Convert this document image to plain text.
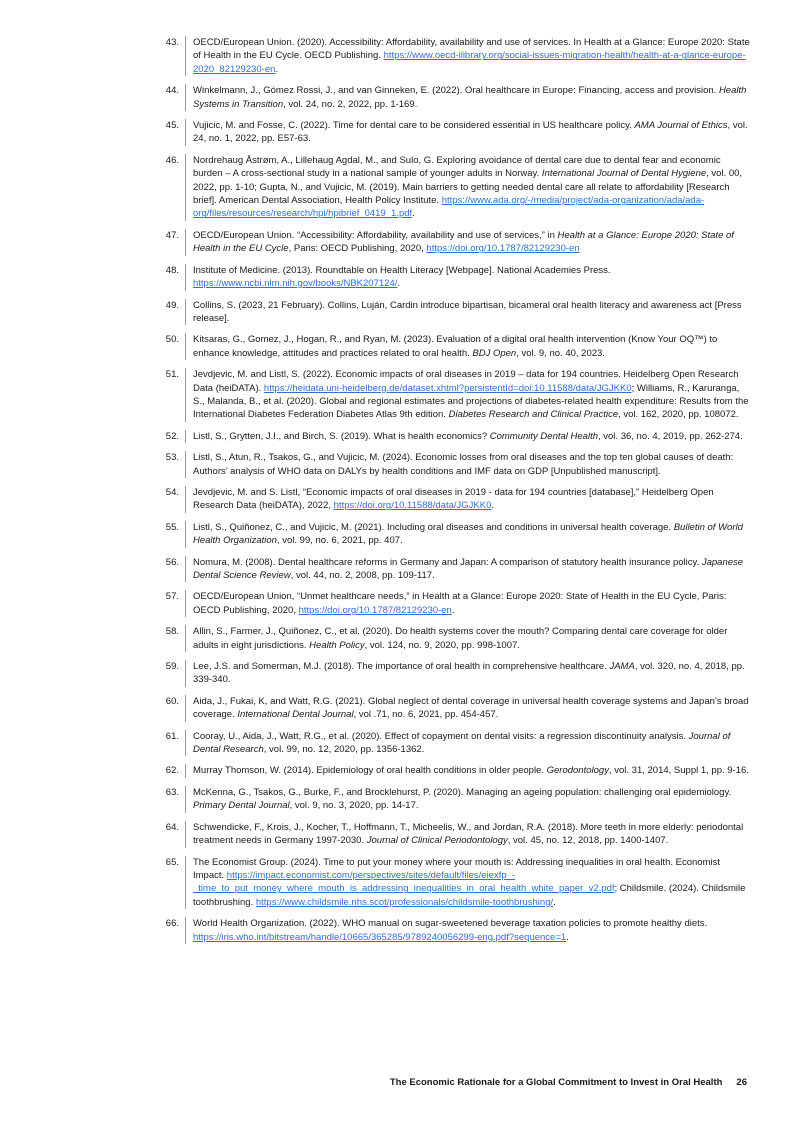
43.	OECD/European Union. (2020). Accessibility: Affordability, availability and use of services. In Health at a Glance: Europe 2020: State of Health in the EU Cycle. OECD Publishing. https://www.oecd-ilibrary.org/social-issues-migration-health/health-at-a-glance-europe-2020_82129230-en.
44.	Winkelmann, J., Gómez Rossi, J., and van Ginneken, E. (2022). Oral healthcare in Europe: Financing, access and provision. Health Systems in Transition, vol. 24, no. 2, 2022, pp. 1-169.
45.	Vujicic, M. and Fosse, C. (2022). Time for dental care to be considered essential in US healthcare policy. AMA Journal of Ethics, vol. 24, no. 1, 2022, pp. E57-63.
46.	Nordrehaug Åstrøm, A., Lillehaug Agdal, M., and Sulo, G. Exploring avoidance of dental care due to dental fear and economic burden – A cross-sectional study in a national sample of younger adults in Norway. International Journal of Dental Hygiene, vol. 00, 2022, pp. 1-10; Gupta, N., and Vujicic, M. (2019). Main barriers to getting needed dental care all relate to affordability [Research brief]. American Dental Association, Health Policy Institute. https://www.ada.org/-/media/project/ada-organization/ada/ada-org/files/resources/research/hpi/hpibrief_0419_1.pdf.
47.	OECD/European Union. “Accessibility: Affordability, availability and use of services,” in Health at a Glance: Europe 2020: State of Health in the EU Cycle, Paris: OECD Publishing, 2020, https://doi.org/10.1787/82129230-en
48.	Institute of Medicine. (2013). Roundtable on Health Literacy [Webpage]. National Academies Press. https://www.ncbi.nlm.nih.gov/books/NBK207124/.
49.	Collins, S. (2023, 21 February). Collins, Luján, Cardin introduce bipartisan, bicameral oral health literacy and awareness act [Press release].
50.	Kitsaras, G., Gomez, J., Hogan, R., and Ryan, M. (2023). Evaluation of a digital oral health intervention (Know Your OQ™) to enhance knowledge, attitudes and practices related to oral health. BDJ Open, vol. 9, no. 40, 2023.
51.	Jevdjevic, M. and Listl, S. (2022). Economic impacts of oral diseases in 2019 – data for 194 countries. Heidelberg Open Research Data (heiDATA). https://heidata.uni-heidelberg.de/dataset.xhtml?persistentId=doi:10.11588/data/JGJKK0; Williams, R., Karuranga, S., Malanda, B., et al. (2020). Global and regional estimates and projections of diabetes-related health expenditure: Results from the International Diabetes Federation Diabetes Atlas 9th edition. Diabetes Research and Clinical Practice, vol. 162, 2020, pp. 108072.
52.	Listl, S., Grytten, J.I., and Birch, S. (2019). What is health economics? Community Dental Health, vol. 36, no. 4, 2019, pp. 262-274.
53.	Listl, S., Atun, R., Tsakos, G., and Vujicic, M. (2024). Economic losses from oral diseases and the top ten global causes of death: Authors’ analysis of WHO data on DALYs by health conditions and IMF data on GDP [Unpublished manuscript].
54.	Jevdjevic, M. and S. Listl, “Economic impacts of oral diseases in 2019 - data for 194 countries [database],” Heidelberg Open Research Data (heiDATA), 2022, https://doi.org/10.11588/data/JGJKK0.
55.	Listl, S., Quiñonez, C., and Vujicic, M. (2021). Including oral diseases and conditions in universal health coverage. Bulletin of World Health Organization, vol. 99, no. 6, 2021, pp. 407.
56.	Nomura, M. (2008). Dental healthcare reforms in Germany and Japan: A comparison of statutory health insurance policy. Japanese Dental Science Review, vol. 44, no. 2, 2008, pp. 109-117.
57.	OECD/European Union, “Unmet healthcare needs,” in Health at a Glance: Europe 2020: State of Health in the EU Cycle, Paris: OECD Publishing, 2020, https://doi.org/10.1787/82129230-en.
58.	Allin, S., Farmer, J., Quiñonez, C., et al. (2020). Do health systems cover the mouth? Comparing dental care coverage for older adults in eight jurisdictions. Health Policy, vol. 124, no. 9, 2020, pp. 998-1007.
59.	Lee, J.S. and Somerman, M.J. (2018). The importance of oral health in comprehensive healthcare. JAMA, vol. 320, no. 4, 2018, pp. 339-340.
60.	Aida, J., Fukai, K, and Watt, R.G. (2021). Global neglect of dental coverage in universal health coverage systems and Japan’s broad coverage. International Dental Journal, vol .71, no. 6, 2021, pp. 454-457.
61.	Cooray, U., Aida, J., Watt, R.G., et al. (2020). Effect of copayment on dental visits: a regression discontinuity analysis. Journal of Dental Research, vol. 99, no. 12, 2020, pp. 1356-1362.
62.	Murray Thomson, W. (2014). Epidemiology of oral health conditions in older people. Gerodontology, vol. 31, 2014, Suppl 1, pp. 9-16.
63.	McKenna, G., Tsakos, G., Burke, F., and Brocklehurst, P. (2020). Managing an ageing population: challenging oral epidemiology. Primary Dental Journal, vol. 9, no. 3, 2020, pp. 14-17.
64.	Schwendicke, F., Krois, J., Kocher, T., Hoffmann, T., Micheelis, W., and Jordan, R.A. (2018). More teeth in more elderly: periodontal treatment needs in Germany 1997-2030. Journal of Clinical Periodontology, vol. 45, no. 12, 2018, pp. 1400-1407.
65.	The Economist Group. (2024). Time to put your money where your mouth is: Addressing inequalities in oral health. Economist Impact. https://impact.economist.com/perspectives/sites/default/files/eiexfp_-_time_to_put_money_where_mouth_is_addressing_inequalities_in_oral_health_white_paper_v2.pdf; Childsmile. (2024). Childsmile toothbrushing. https://www.childsmile.nhs.scot/professionals/childsmile-toothbrushing/.
66.	World Health Organization. (2022). WHO manual on sugar-sweetened beverage taxation policies to promote healthy diets. https://iris.who.int/bitstream/handle/10665/365285/9789240056299-eng.pdf?sequence=1.
The Economic Rationale for a Global Commitment to Invest in Oral Health 26
